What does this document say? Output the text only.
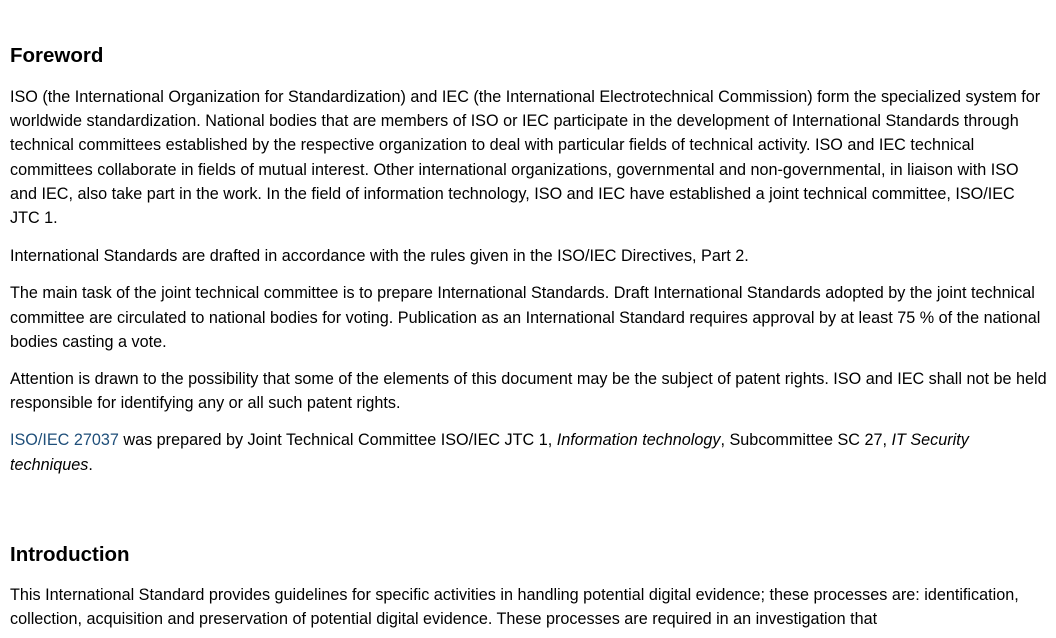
Foreword

ISO (the International Organization for Standardization) and IEC (the International Electrotechnical Commission) form the specialized system for worldwide standardization. National bodies that are members of ISO or IEC participate in the development of International Standards through technical committees established by the respective organization to deal with particular fields of technical activity. ISO and IEC technical committees collaborate in fields of mutual interest. Other international organizations, governmental and non-governmental, in liaison with ISO and IEC, also take part in the work. In the field of information technology, ISO and IEC have established a joint technical committee, ISO/IEC JTC 1.

International Standards are drafted in accordance with the rules given in the ISO/IEC Directives, Part 2.

The main task of the joint technical committee is to prepare International Standards. Draft International Standards adopted by the joint technical committee are circulated to national bodies for voting. Publication as an International Standard requires approval by at least 75 % of the national bodies casting a vote.

Attention is drawn to the possibility that some of the elements of this document may be the subject of patent rights. ISO and IEC shall not be held responsible for identifying any or all such patent rights.

ISO/IEC 27037 was prepared by Joint Technical Committee ISO/IEC JTC 1, Information technology, Subcommittee SC 27, IT Security techniques.

Introduction

This International Standard provides guidelines for specific activities in handling potential digital evidence; these processes are: identification, collection, acquisition and preservation of potential digital evidence. These processes are required in an investigation that
